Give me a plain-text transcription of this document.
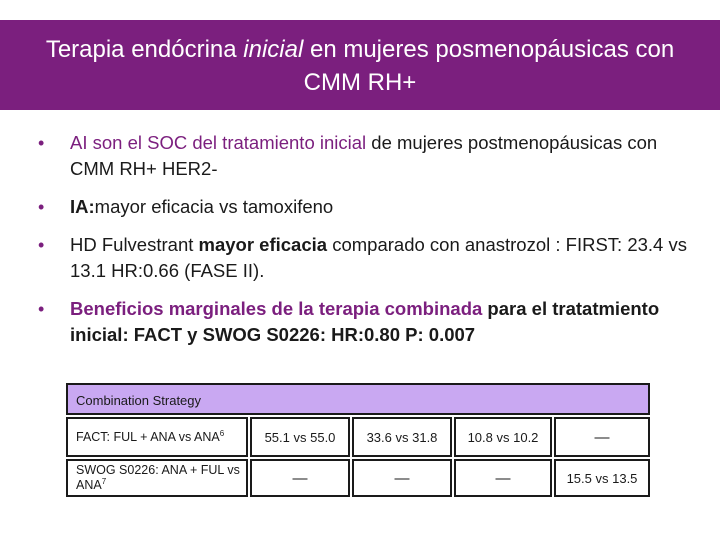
Terapia endócrina inicial en mujeres posmenopáusicas con
CMM RH+
• AI son el SOC del tratamiento inicial de mujeres postmenopáusicas con CMM RH+ HER2-
• IA:mayor eficacia vs tamoxifeno
• HD Fulvestrant mayor eficacia comparado con anastrozol : FIRST: 23.4 vs 13.1 HR:0.66 (FASE II).
• Beneficios marginales de la terapia combinada para el tratatmiento inicial: FACT y SWOG S0226: HR:0.80 P: 0.007
Combination Strategy
FACT: FUL + ANA vs ANA$^6$	55.1 vs 55.0	33.6 vs 31.8	10.8 vs 10.2	—
SWOG S0226: ANA + FUL vs ANA$^7$	—	—	—	15.5 vs 13.5
